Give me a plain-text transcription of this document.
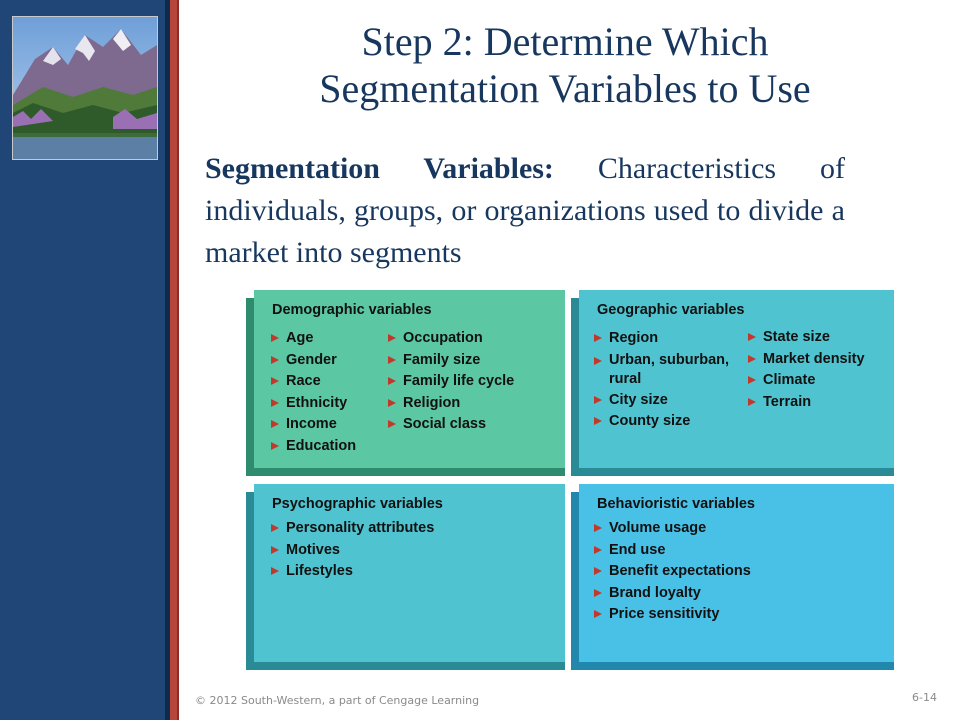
Step 2: Determine Which
Segmentation Variables to Use
Segmentation Variables: Characteristics of individuals, groups, or organizations used to divide a market into segments
Demographic variables
Age
Gender
Race
Ethnicity
Income
Education
Occupation
Family size
Family life cycle
Religion
Social class
Geographic variables
Region
Urban, suburban, rural
City size
County size
State size
Market density
Climate
Terrain
Psychographic variables
Personality attributes
Motives
Lifestyles
Behavioristic variables
Volume usage
End use
Benefit expectations
Brand loyalty
Price sensitivity
© 2012 South-Western, a part of Cengage Learning	6-14
